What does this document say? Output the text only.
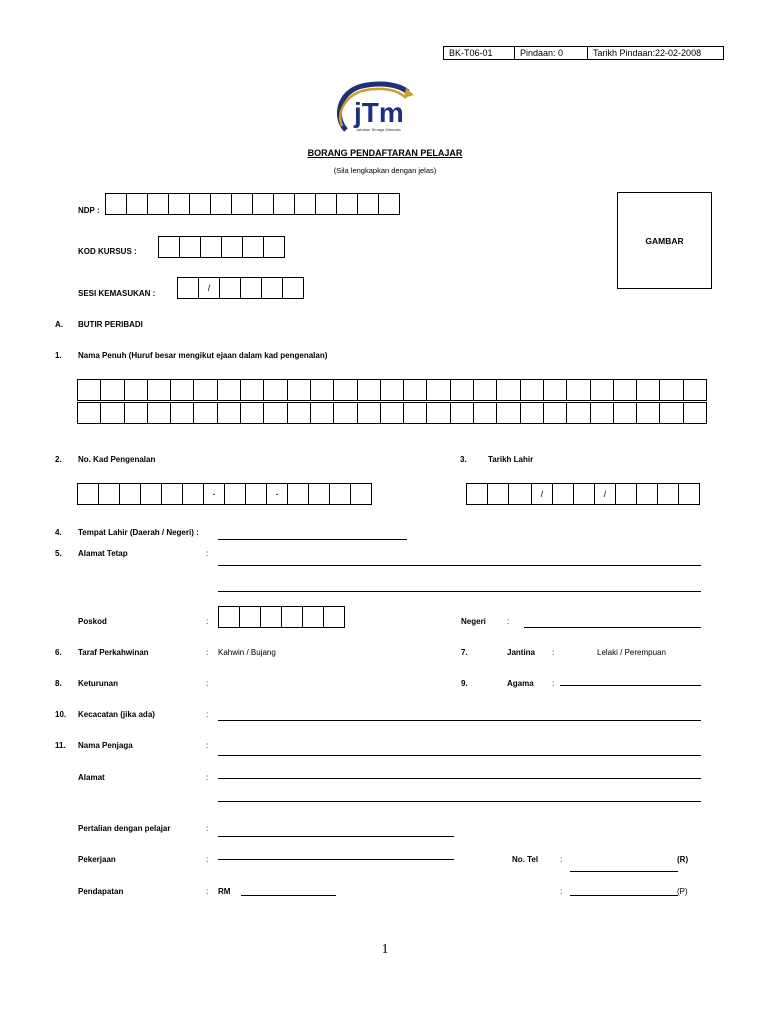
BK-T06-01	Pindaan: 0	Tarikh Pindaan:22-02-2008
jTm
Jabatan Tenaga Manusia
BORANG PENDAFTARAN PELAJAR
(Sila lengkapkan dengan jelas)
NDP :
GAMBAR
KOD KURSUS :
SESI KEMASUKAN :
/
A. BUTIR PERIBADI
1. Nama Penuh (Huruf besar mengikut ejaan dalam kad pengenalan)
2. No. Kad Pengenalan	3.	Tarikh Lahir
-	-	/	/
4. Tempat Lahir (Daerah / Negeri) :
5. Alamat Tetap	:
Poskod	:	Negeri	:
6. Taraf Perkahwinan	: Kahwin / Bujang	7.	Jantina :	Lelaki / Perempuan
8. Keturunan	:	9.	Agama :
10. Kecacatan (jika ada)	:
11. Nama Penjaga	:
Alamat	:
Pertalian dengan pelajar	:
Pekerjaan	:	No. Tel	:	(R)
Pendapatan	: RM	:	(P)
1
